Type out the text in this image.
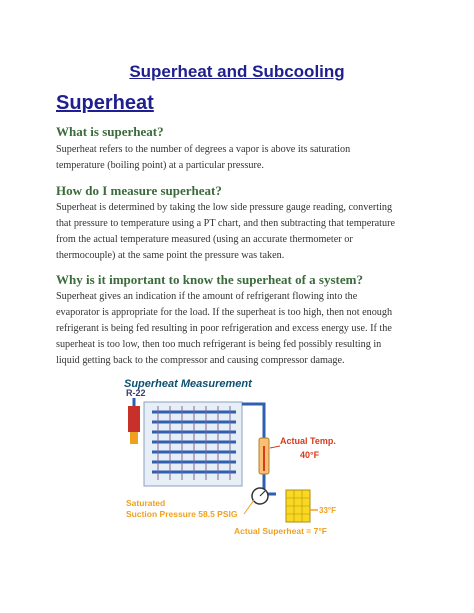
Superheat and Subcooling
Superheat
What is superheat?

Superheat refers to the number of degrees a vapor is above its saturation
temperature (boiling point) at a particular pressure.

How do I measure superheat?

Superheat is determined by taking the low side pressure gauge reading, converting
that pressure to temperature using a PT chart, and then subtracting that temperature
from the actual temperature measured (using an accurate thermometer or
thermocouple) at the same point the pressure was taken.

Why is it important to know the superheat of a system?

Superheat gives an indication if the amount of refrigerant flowing into the
evaporator is appropriate for the load. If the superheat is too high, then not enough
refrigerant is being fed resulting in poor refrigeration and excess energy use. If the
superheat is too low, then too much refrigerant is being fed possibly resulting in
liquid getting back to the compressor and causing compressor damage.

Superheat Measurement
R-22
Actual Temp.
40°F
33°F
Saturated
Suction Pressure 58.5 PSIG
Actual Superheat = 7°F
